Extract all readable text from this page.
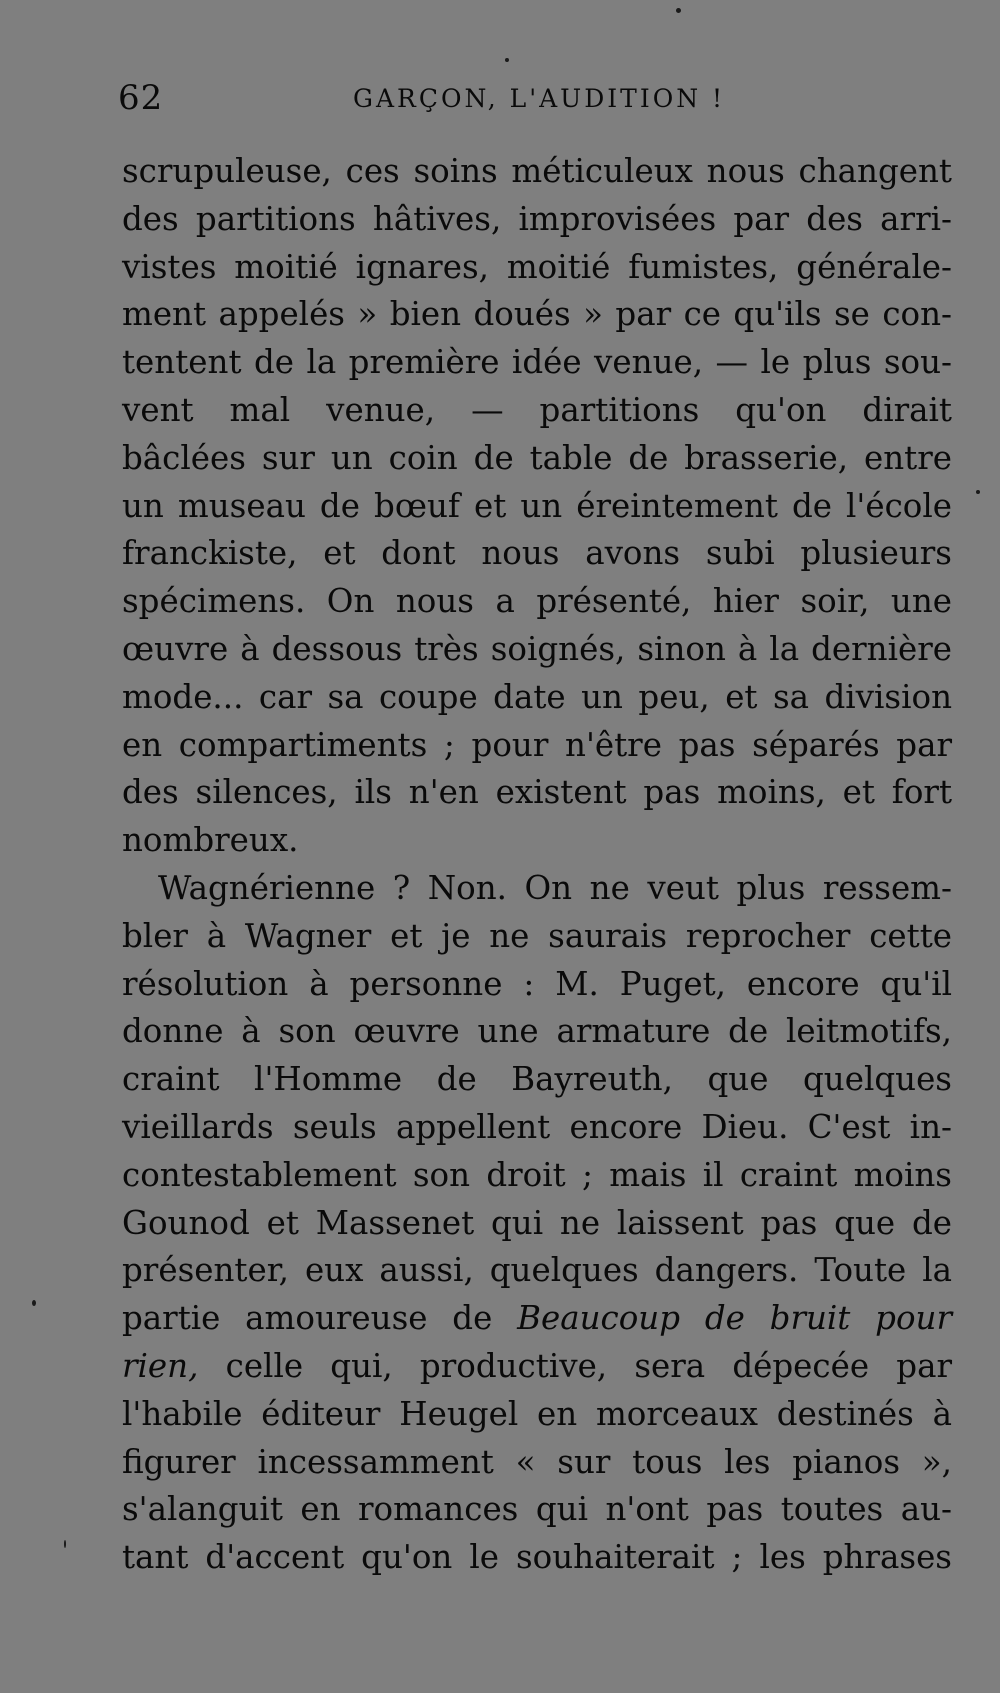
62	GARÇON, L'AUDITION !
scrupuleuse, ces soins méticuleux nous changent
des partitions hâtives, improvisées par des arri-
vistes moitié ignares, moitié fumistes, générale-
ment appelés » bien doués » par ce qu'ils se con-
tentent de la première idée venue, — le plus sou-
vent mal venue, — partitions qu'on dirait
bâclées sur un coin de table de brasserie, entre
un museau de bœuf et un éreintement de l'école
franckiste, et dont nous avons subi plusieurs
spécimens. On nous a présenté, hier soir, une
œuvre à dessous très soignés, sinon à la dernière
mode... car sa coupe date un peu, et sa division
en compartiments ; pour n'être pas séparés par
des silences, ils n'en existent pas moins, et fort
nombreux.
Wagnérienne ? Non. On ne veut plus ressem-
bler à Wagner et je ne saurais reprocher cette
résolution à personne : M. Puget, encore qu'il
donne à son œuvre une armature de leitmotifs,
craint l'Homme de Bayreuth, que quelques
vieillards seuls appellent encore Dieu. C'est in-
contestablement son droit ; mais il craint moins
Gounod et Massenet qui ne laissent pas que de
présenter, eux aussi, quelques dangers. Toute la
partie amoureuse de Beaucoup de bruit pour
rien, celle qui, productive, sera dépecée par
l'habile éditeur Heugel en morceaux destinés à
figurer incessamment « sur tous les pianos »,
s'alanguit en romances qui n'ont pas toutes au-
tant d'accent qu'on le souhaiterait ; les phrases
